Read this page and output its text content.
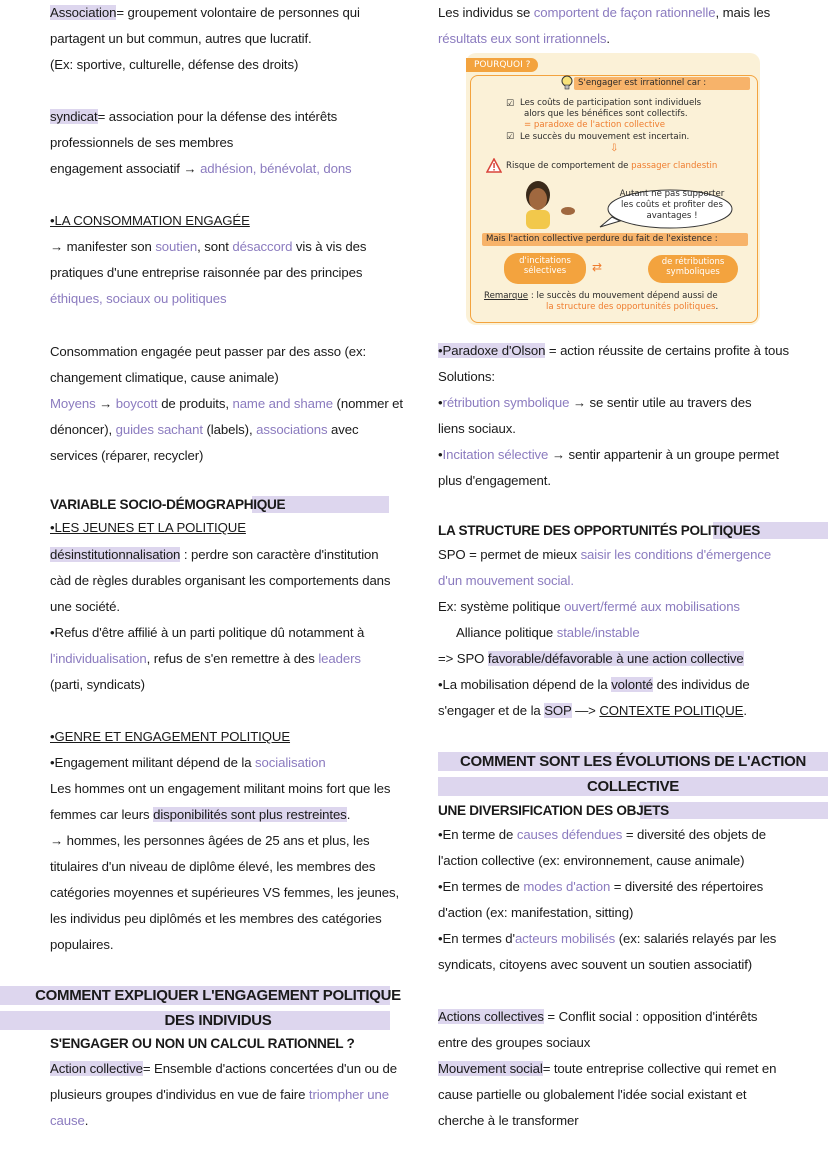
Association= groupement volontaire de personnes qui
partagent un but commun, autres que lucratif.
(Ex: sportive, culturelle, défense des droits)
syndicat= association pour la défense des intérêts
professionnels de ses membres
engagement associatif → adhésion, bénévolat, dons
•LA CONSOMMATION ENGAGÉE
→ manifester son soutien, sont désaccord vis à vis des
pratiques d'une entreprise raisonnée par des principes
éthiques, sociaux ou politiques
Consommation engagée peut passer par des asso (ex:
changement climatique, cause animale)
Moyens → boycott de produits, name and shame (nommer et
dénoncer), guides sachant (labels), associations avec
services (réparer, recycler)
VARIABLE SOCIO-DÉMOGRAPHIQUE
•LES JEUNES ET LA POLITIQUE
désinstitutionnalisation : perdre son caractère d'institution
càd de règles durables organisant les comportements dans
une société.
•Refus d'être affilié à un parti politique dû notamment à
l'individualisation, refus de s'en remettre à des leaders
(parti, syndicats)
•GENRE ET ENGAGEMENT POLITIQUE
•Engagement militant dépend de la socialisation
Les hommes ont un engagement militant moins fort que les
femmes car leurs disponibilités sont plus restreintes.
→ hommes, les personnes âgées de 25 ans et plus, les
titulaires d'un niveau de diplôme élevé, les membres des
catégories moyennes et supérieures VS femmes, les jeunes,
les individus peu diplômés et les membres des catégories
populaires.
COMMENT EXPLIQUER L'ENGAGEMENT POLITIQUE
DES INDIVIDUS
S'ENGAGER OU NON UN CALCUL RATIONNEL ?
Action collective= Ensemble d'actions concertées d'un ou de
plusieurs groupes d'individus en vue de faire triompher une
cause.
Les individus se comportent de façon rationnelle, mais les
résultats eux sont irrationnels.
POURQUOI ?
S'engager est irrationnel car :
☑ Les coûts de participation sont individuels
alors que les bénéfices sont collectifs.
= paradoxe de l'action collective
☑ Le succès du mouvement est incertain.
⇩
Risque de comportement de passager clandestin
Autant ne pas supporter
les coûts et profiter des
avantages !
Mais l'action collective perdure du fait de l'existence :
d'incitations
sélectives	⇄	de rétributions
symboliques
Remarque : le succès du mouvement dépend aussi de
la structure des opportunités politiques.
•Paradoxe d'Olson = action réussite de certains profite à tous
Solutions:
•rétribution symbolique → se sentir utile au travers des
liens sociaux.
•Incitation sélective → sentir appartenir à un groupe permet
plus d'engagement.
LA STRUCTURE DES OPPORTUNITÉS POLITIQUES
SPO = permet de mieux saisir les conditions d'émergence
d'un mouvement social.
Ex: système politique ouvert/fermé aux mobilisations
Alliance politique stable/instable
=> SPO favorable/défavorable à une action collective
•La mobilisation dépend de la volonté des individus de
s'engager et de la SOP —> CONTEXTE POLITIQUE.
COMMENT SONT LES ÉVOLUTIONS DE L'ACTION
COLLECTIVE
UNE DIVERSIFICATION DES OBJETS
•En terme de causes défendues = diversité des objets de
l'action collective (ex: environnement, cause animale)
•En termes de modes d'action = diversité des répertoires
d'action (ex: manifestation, sitting)
•En termes d'acteurs mobilisés (ex: salariés relayés par les
syndicats, citoyens avec souvent un soutien associatif)
Actions collectives = Conflit social : opposition d'intérêts
entre des groupes sociaux
Mouvement social= toute entreprise collective qui remet en
cause partielle ou globalement l'idée social existant et
cherche à le transformer
